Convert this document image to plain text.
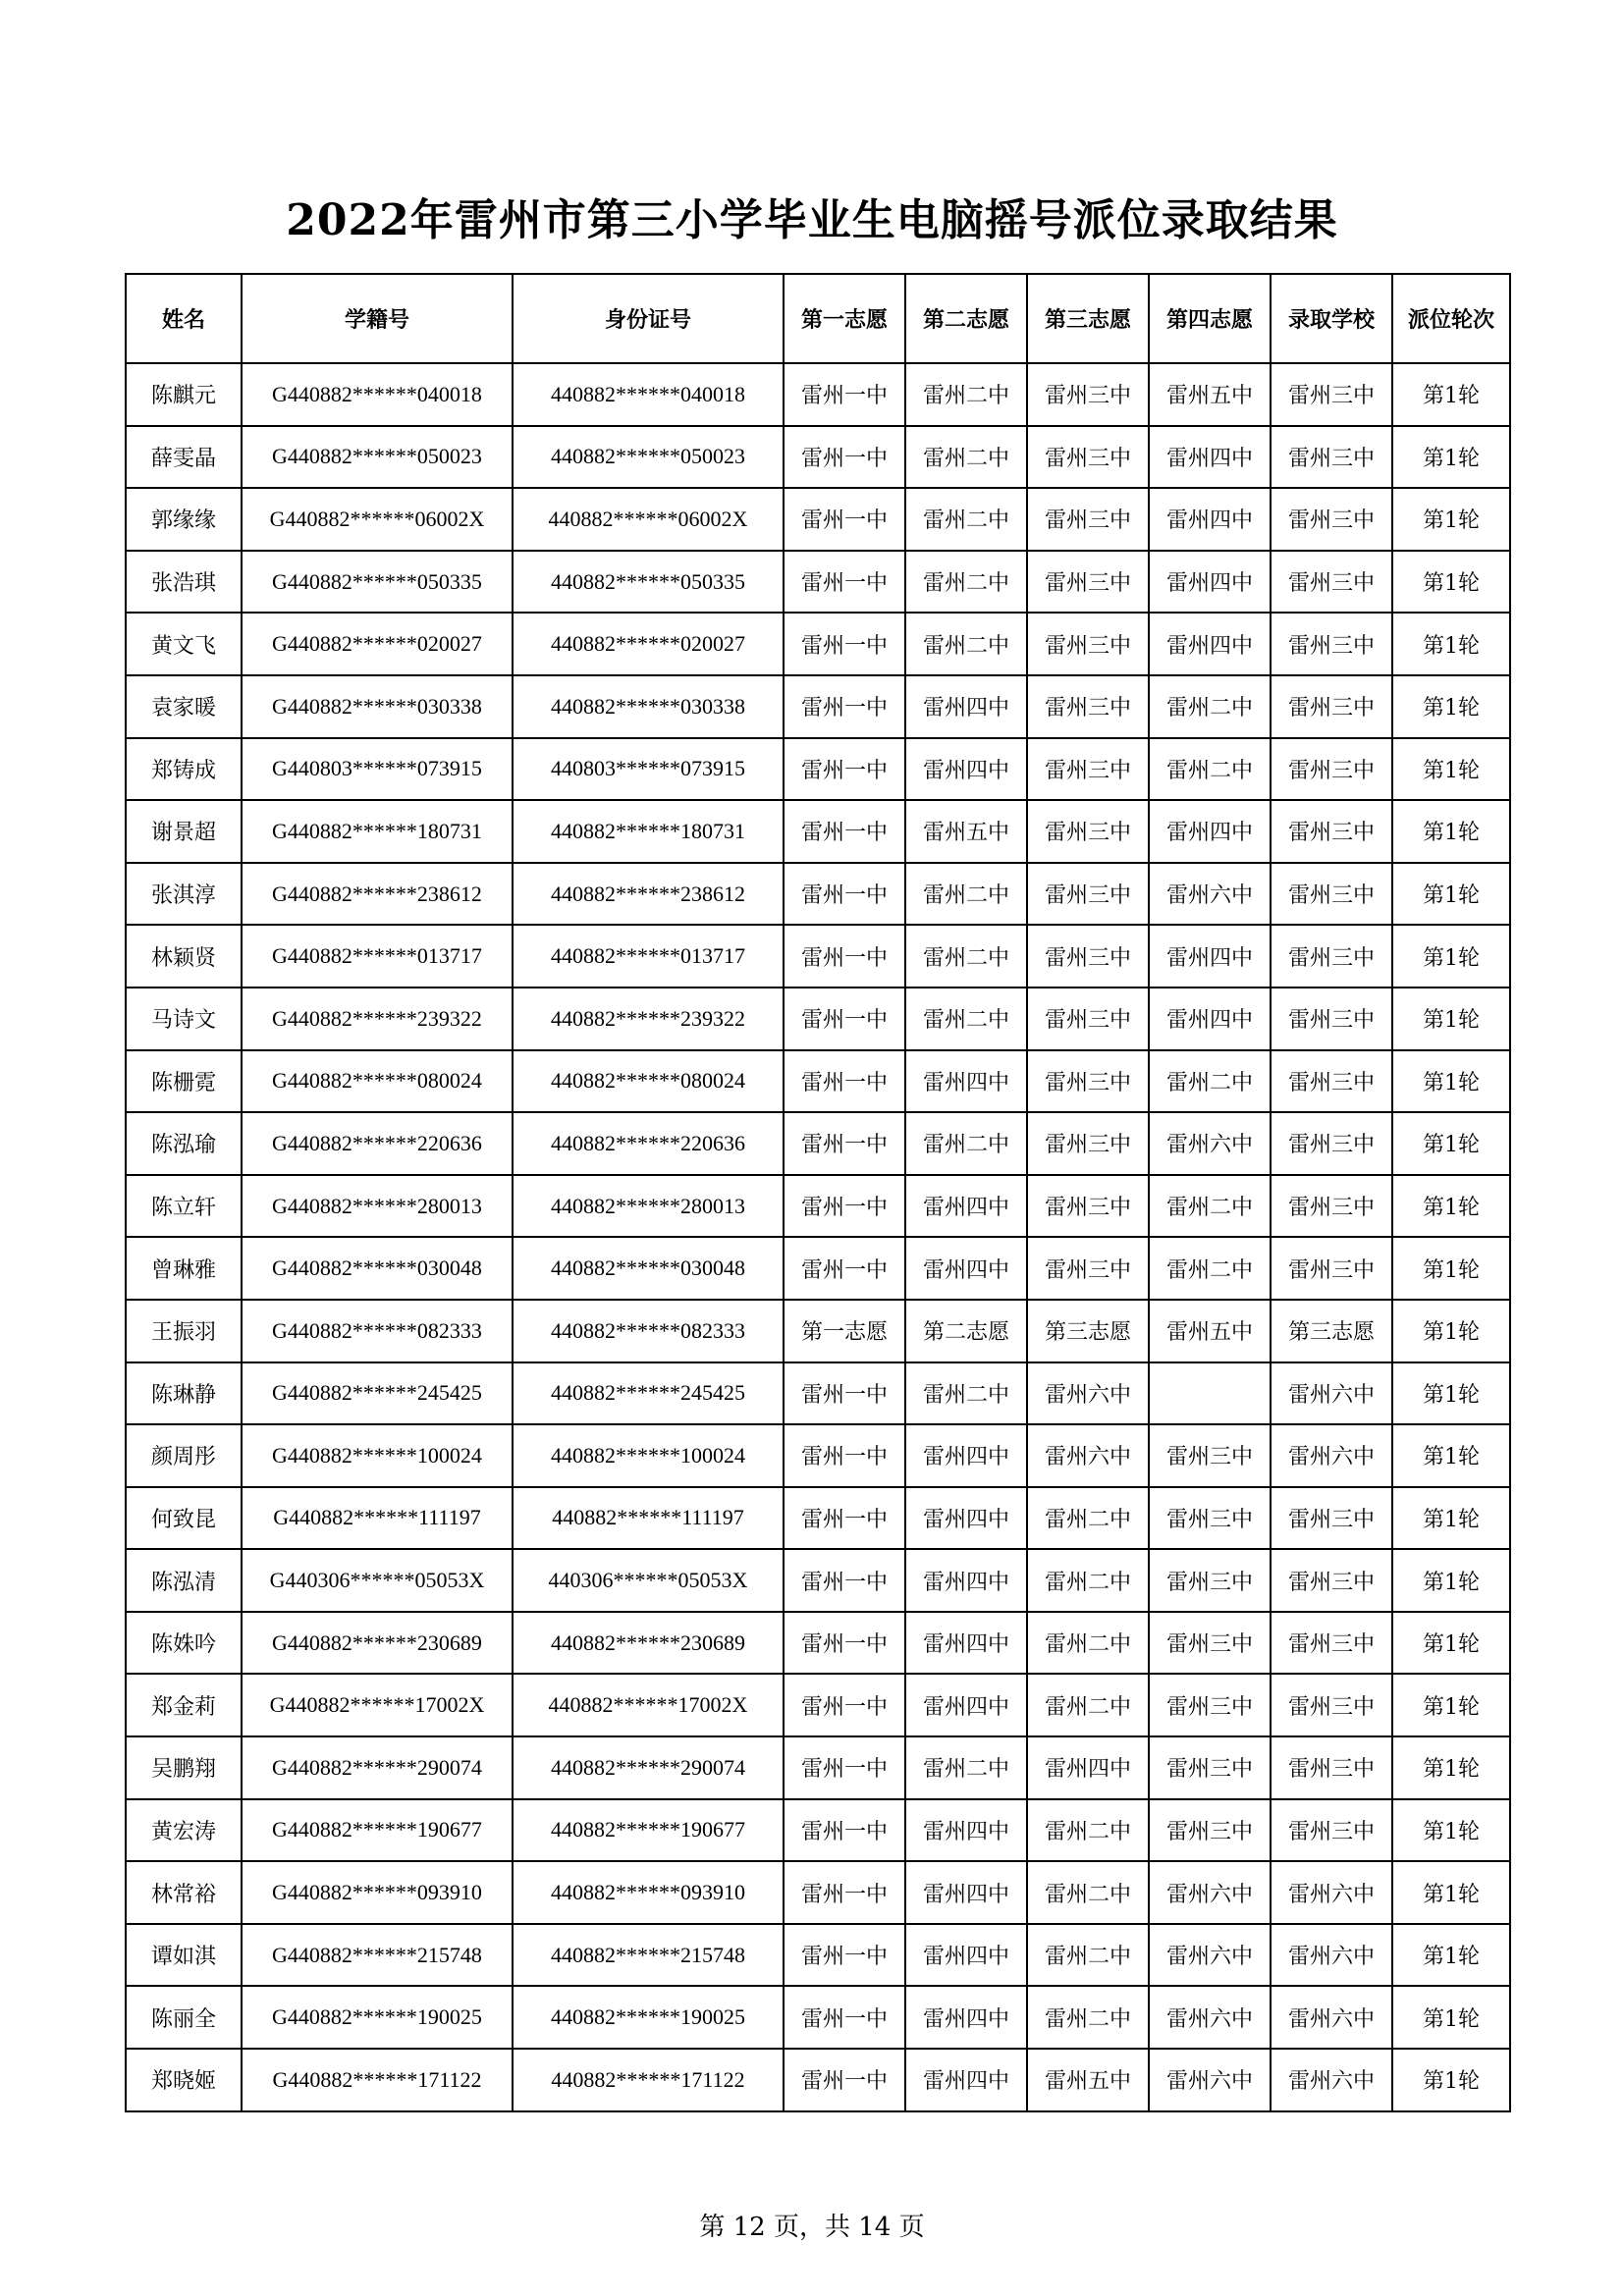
2022年雷州市第三小学毕业生电脑摇号派位录取结果
姓名	学籍号	身份证号	第一志愿	第二志愿	第三志愿	第四志愿	录取学校	派位轮次
陈麒元	G440882******040018	440882******040018	雷州一中	雷州二中	雷州三中	雷州五中	雷州三中	第1轮
薛雯晶	G440882******050023	440882******050023	雷州一中	雷州二中	雷州三中	雷州四中	雷州三中	第1轮
郭缘缘	G440882******06002X	440882******06002X	雷州一中	雷州二中	雷州三中	雷州四中	雷州三中	第1轮
张浩琪	G440882******050335	440882******050335	雷州一中	雷州二中	雷州三中	雷州四中	雷州三中	第1轮
黄文飞	G440882******020027	440882******020027	雷州一中	雷州二中	雷州三中	雷州四中	雷州三中	第1轮
袁家暖	G440882******030338	440882******030338	雷州一中	雷州四中	雷州三中	雷州二中	雷州三中	第1轮
郑铸成	G440803******073915	440803******073915	雷州一中	雷州四中	雷州三中	雷州二中	雷州三中	第1轮
谢景超	G440882******180731	440882******180731	雷州一中	雷州五中	雷州三中	雷州四中	雷州三中	第1轮
张淇淳	G440882******238612	440882******238612	雷州一中	雷州二中	雷州三中	雷州六中	雷州三中	第1轮
林颖贤	G440882******013717	440882******013717	雷州一中	雷州二中	雷州三中	雷州四中	雷州三中	第1轮
马诗文	G440882******239322	440882******239322	雷州一中	雷州二中	雷州三中	雷州四中	雷州三中	第1轮
陈栅霓	G440882******080024	440882******080024	雷州一中	雷州四中	雷州三中	雷州二中	雷州三中	第1轮
陈泓瑜	G440882******220636	440882******220636	雷州一中	雷州二中	雷州三中	雷州六中	雷州三中	第1轮
陈立轩	G440882******280013	440882******280013	雷州一中	雷州四中	雷州三中	雷州二中	雷州三中	第1轮
曾琳雅	G440882******030048	440882******030048	雷州一中	雷州四中	雷州三中	雷州二中	雷州三中	第1轮
王振羽	G440882******082333	440882******082333	第一志愿	第二志愿	第三志愿	雷州五中	第三志愿	第1轮
陈琳静	G440882******245425	440882******245425	雷州一中	雷州二中	雷州六中		雷州六中	第1轮
颜周彤	G440882******100024	440882******100024	雷州一中	雷州四中	雷州六中	雷州三中	雷州六中	第1轮
何致昆	G440882******111197	440882******111197	雷州一中	雷州四中	雷州二中	雷州三中	雷州三中	第1轮
陈泓清	G440306******05053X	440306******05053X	雷州一中	雷州四中	雷州二中	雷州三中	雷州三中	第1轮
陈姝吟	G440882******230689	440882******230689	雷州一中	雷州四中	雷州二中	雷州三中	雷州三中	第1轮
郑金莉	G440882******17002X	440882******17002X	雷州一中	雷州四中	雷州二中	雷州三中	雷州三中	第1轮
吴鹏翔	G440882******290074	440882******290074	雷州一中	雷州二中	雷州四中	雷州三中	雷州三中	第1轮
黄宏涛	G440882******190677	440882******190677	雷州一中	雷州四中	雷州二中	雷州三中	雷州三中	第1轮
林常裕	G440882******093910	440882******093910	雷州一中	雷州四中	雷州二中	雷州六中	雷州六中	第1轮
谭如淇	G440882******215748	440882******215748	雷州一中	雷州四中	雷州二中	雷州六中	雷州六中	第1轮
陈丽全	G440882******190025	440882******190025	雷州一中	雷州四中	雷州二中	雷州六中	雷州六中	第1轮
郑晓姬	G440882******171122	440882******171122	雷州一中	雷州四中	雷州五中	雷州六中	雷州六中	第1轮
第 12 页，共 14 页
